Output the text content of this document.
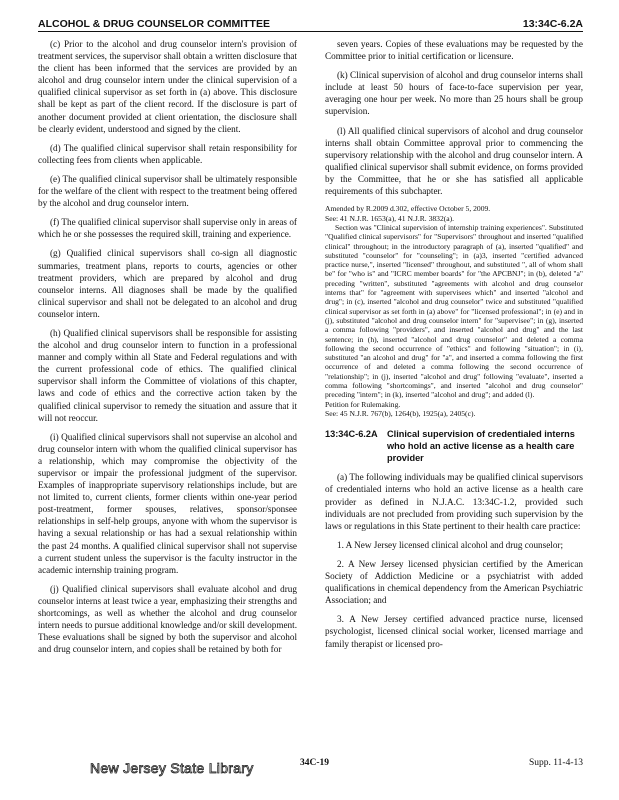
ALCOHOL & DRUG COUNSELOR COMMITTEE	13:34C-6.2A

(c) Prior to the alcohol and drug counselor intern's provision of treatment services, the supervisor shall obtain a written disclosure that the client has been informed that the services are provided by an alcohol and drug counselor intern under the clinical supervision of a qualified clinical supervisor as set forth in (a) above. This disclosure shall be kept as part of the client record. If the disclosure is part of another document provided at client orientation, the disclosure shall be clearly evident, understood and signed by the client.

(d) The qualified clinical supervisor shall retain responsibility for collecting fees from clients when applicable.

(e) The qualified clinical supervisor shall be ultimately responsible for the welfare of the client with respect to the treatment being offered by the alcohol and drug counselor intern.

(f) The qualified clinical supervisor shall supervise only in areas of which he or she possesses the required skill, training and experience.

(g) Qualified clinical supervisors shall co-sign all diagnostic summaries, treatment plans, reports to courts, agencies or other treatment providers, which are prepared by alcohol and drug counselor interns. All diagnoses shall be made by the qualified clinical supervisor and shall not be delegated to an alcohol and drug counselor intern.

(h) Qualified clinical supervisors shall be responsible for assisting the alcohol and drug counselor intern to function in a professional manner and comply within all State and Federal regulations and with the current professional code of ethics. The qualified clinical supervisor shall inform the Committee of violations of this chapter, laws and code of ethics and the corrective action taken by the qualified clinical supervisor to remedy the situation and assure that it will not reoccur.

(i) Qualified clinical supervisors shall not supervise an alcohol and drug counselor intern with whom the qualified clinical supervisor has a relationship, which may compromise the objectivity of the supervisor or impair the professional judgment of the supervisor. Examples of inappropriate supervisory relationships include, but are not limited to, current clients, former clients within one-year period post-treatment, former spouses, relatives, sponsor/sponsee relationships in self-help groups, anyone with whom the supervisor is having a sexual relationship or has had a sexual relationship within the past 24 months. A qualified clinical supervisor shall not supervise a current student unless the supervisor is the faculty instructor in the academic internship training program.

(j) Qualified clinical supervisors shall evaluate alcohol and drug counselor interns at least twice a year, emphasizing their strengths and shortcomings, as well as whether the alcohol and drug counselor intern needs to pursue additional knowledge and/or skill development. These evaluations shall be signed by both the supervisor and alcohol and drug counselor intern, and copies shall be retained by both for

seven years. Copies of these evaluations may be requested by the Committee prior to initial certification or licensure.

(k) Clinical supervision of alcohol and drug counselor interns shall include at least 50 hours of face-to-face supervision per year, averaging one hour per week. No more than 25 hours shall be group supervision.

(l) All qualified clinical supervisors of alcohol and drug counselor interns shall obtain Committee approval prior to commencing the supervisory relationship with the alcohol and drug counselor intern. A qualified clinical supervisor shall submit evidence, on forms provided by the Committee, that he or she has satisfied all applicable requirements of this subchapter.

Amended by R.2009 d.302, effective October 5, 2009.

See: 41 N.J.R. 1653(a), 41 N.J.R. 3832(a).

Section was "Clinical supervision of internship training experiences". Substituted "Qualified clinical supervisors" for "Supervisors" throughout and inserted "qualified clinical" throughout; in the introductory paragraph of (a), inserted "qualified" and substituted "counselor" for "counseling"; in (a)3, inserted "certified advanced practice nurse,", inserted "licensed" throughout, and substituted ", all of whom shall be" for "who is" and "ICRC member boards" for "the APCBNJ"; in (b), deleted "a" preceding "written", substituted "agreements with alcohol and drug counselor interns that" for "agreement with supervisees which" and inserted "alcohol and drug"; in (c), inserted "alcohol and drug counselor" twice and substituted "qualified clinical supervisor as set forth in (a) above" for "licensed professional"; in (e) and in (j), substituted "alcohol and drug counselor intern" for "supervisee"; in (g), inserted a comma following "providers", and inserted "alcohol and drug" and the last sentence; in (h), inserted "alcohol and drug counselor" and deleted a comma following the second occurrence of "ethics" and following "situation"; in (i), substituted "an alcohol and drug" for "a", and inserted a comma following the first occurrence of and deleted a comma following the second occurrence of "relationship"; in (j), inserted "alcohol and drug" following "evaluate", inserted a comma following "shortcomings", and inserted "alcohol and drug counselor" preceding "intern"; in (k), inserted "alcohol and drug"; and added (l).

Petition for Rulemaking.

See: 45 N.J.R. 767(b), 1264(b), 1925(a), 2405(c).

13:34C-6.2A	Clinical supervision of credentialed interns who hold an active license as a health care provider

(a) The following individuals may be qualified clinical supervisors of credentialed interns who hold an active license as a health care provider as defined in N.J.A.C. 13:34C-1.2, provided such individuals are not precluded from providing such supervision by the laws or regulations in this State pertinent to their health care practice:

1. A New Jersey licensed clinical alcohol and drug counselor;

2. A New Jersey licensed physician certified by the American Society of Addiction Medicine or a psychiatrist with added qualifications in chemical dependency from the American Psychiatric Association; and

3. A New Jersey certified advanced practice nurse, licensed psychologist, licensed clinical social worker, licensed marriage and family therapist or licensed pro-

New Jersey State Library	34C-19	Supp. 11-4-13
